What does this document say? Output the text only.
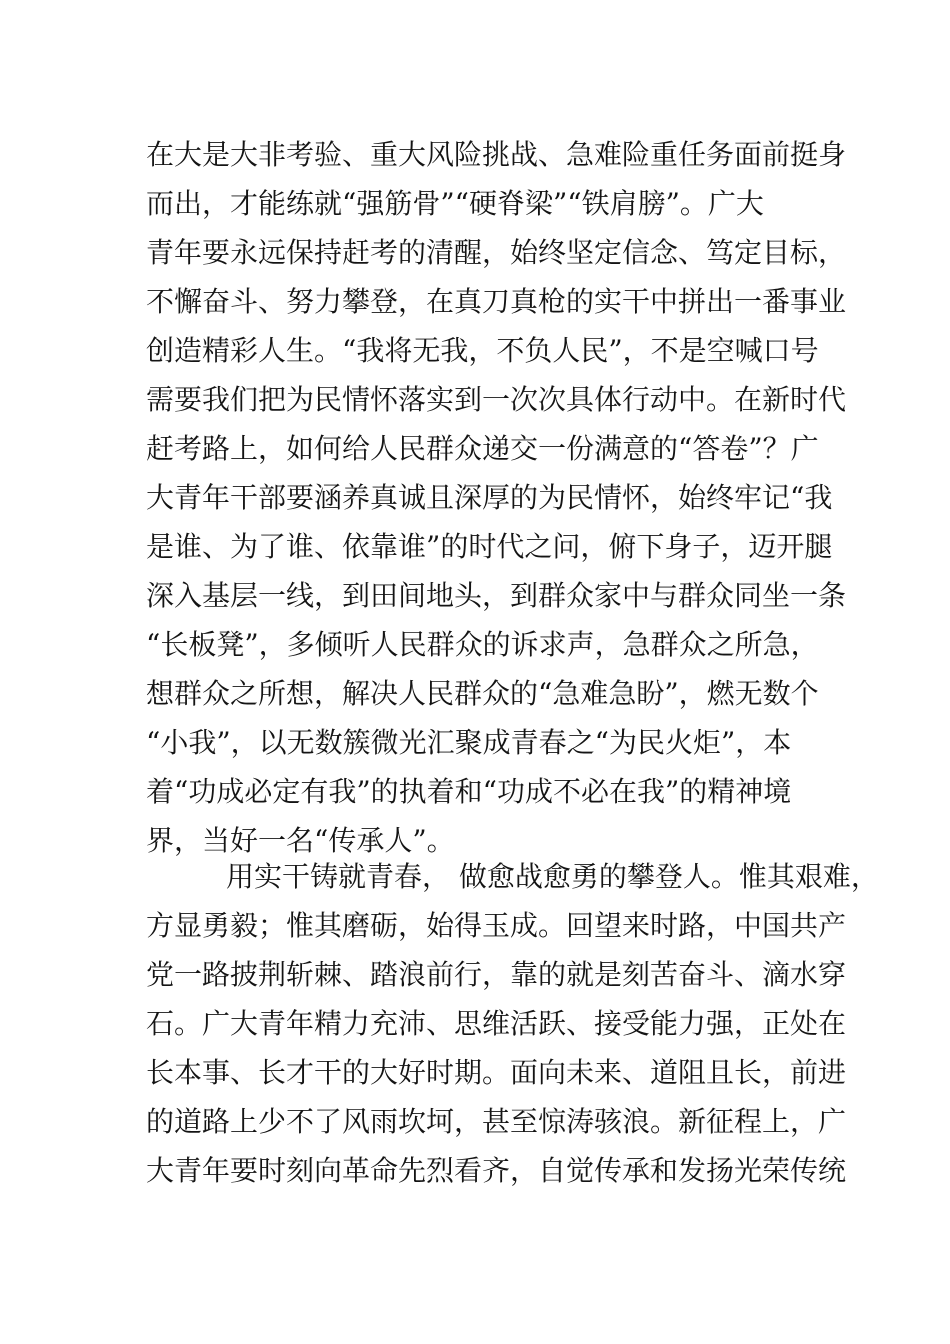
在大是大非考验、重大风险挑战、急难险重任务面前挺身
而出，才能练就“强筋骨”“硬脊梁”“铁肩膀”。广大
青年要永远保持赶考的清醒，始终坚定信念、笃定目标，
不懈奋斗、努力攀登，在真刀真枪的实干中拼出一番事业
创造精彩人生。“我将无我，不负人民”，不是空喊口号
需要我们把为民情怀落实到一次次具体行动中。在新时代
赶考路上，如何给人民群众递交一份满意的“答卷”？广
大青年干部要涵养真诚且深厚的为民情怀，始终牢记“我
是谁、为了谁、依靠谁”的时代之问，俯下身子，迈开腿
深入基层一线，到田间地头，到群众家中与群众同坐一条
“长板凳”，多倾听人民群众的诉求声，急群众之所急，
想群众之所想，解决人民群众的“急难急盼”，燃无数个
“小我”，以无数簇微光汇聚成青春之“为民火炬”，本
着“功成必定有我”的执着和“功成不必在我”的精神境
界，当好一名“传承人”。
用实干铸就青春， 做愈战愈勇的攀登人。惟其艰难，
方显勇毅；惟其磨砺，始得玉成。回望来时路，中国共产
党一路披荆斩棘、踏浪前行，靠的就是刻苦奋斗、滴水穿
石。广大青年精力充沛、思维活跃、接受能力强，正处在
长本事、长才干的大好时期。面向未来、道阻且长，前进
的道路上少不了风雨坎坷，甚至惊涛骇浪。新征程上，广
大青年要时刻向革命先烈看齐，自觉传承和发扬光荣传统
